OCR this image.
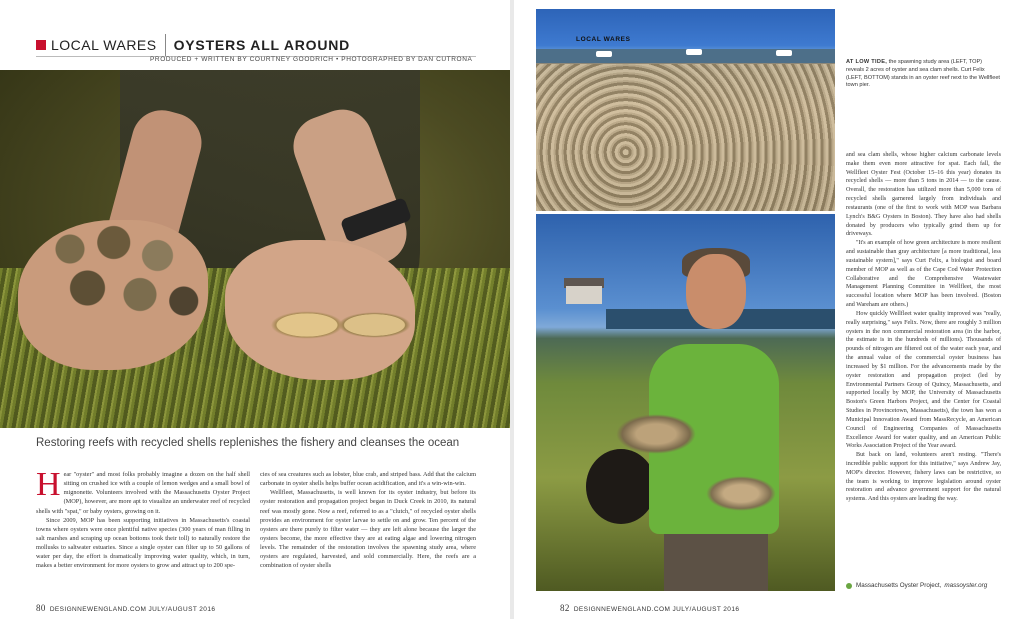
LOCAL WARES OYSTERS ALL AROUND
PRODUCED + WRITTEN BY COURTNEY GOODRICH • PHOTOGRAPHED BY DAN CUTRONA
Restoring reefs with recycled shells replenishes the fishery and cleanses the ocean

Hear "oyster" and most folks probably imagine a dozen on the half shell sitting on crushed ice with a couple of lemon wedges and a small bowl of mignonette. Volunteers involved with the Massachusetts Oyster Project (MOP), however, are more apt to visualize an underwater reef of recycled shells with "spat," or baby oysters, growing on it.

Since 2009, MOP has been supporting initiatives in Massachusetts's coastal towns where oysters were once plentiful native species (300 years of man filling in salt marshes and scraping up ocean bottoms took their toll) to naturally restore the mollusks to saltwater estuaries. Since a single oyster can filter up to 50 gallons of water per day, the effort is dramatically improving water quality, which, in turn, makes a better environment for more oysters to grow and attract up to 200 spe-

cies of sea creatures such as lobster, blue crab, and striped bass. Add that the calcium carbonate in oyster shells helps buffer ocean acidification, and it's a win-win-win.

Wellfleet, Massachusetts, is well known for its oyster industry, but before its oyster restoration and propagation project began in Duck Creek in 2010, its natural reef was mostly gone. Now a reef, referred to as a "clutch," of recycled oyster shells provides an environment for oyster larvae to settle on and grow. Ten percent of the oysters are there purely to filter water — they are left alone because the larger the oysters become, the more effective they are at eating algae and lowering nitrogen levels. The remainder of the restoration involves the spawning study area, where oysters are regulated, harvested, and sold commercially. Here, the reefs are a combination of oyster shells

80 DESIGNNEWENGLAND.COM JULY/AUGUST 2016
LOCAL WARES
AT LOW TIDE, the spawning study area (LEFT, TOP) reveals 2 acres of oyster and sea clam shells. Curt Felix (LEFT, BOTTOM) stands in an oyster reef next to the Wellfleet town pier.

and sea clam shells, whose higher calcium carbonate levels make them even more attractive for spat. Each fall, the Wellfleet Oyster Fest (October 15–16 this year) donates its recycled shells — more than 5 tons in 2014 — to the cause. Overall, the restoration has utilized more than 5,000 tons of recycled shells garnered largely from individuals and restaurants (one of the first to work with MOP was Barbara Lynch's B&G Oysters in Boston). They have also had shells donated by producers who typically grind them up for driveways.

"It's an example of how green architecture is more resilient and sustainable than gray architecture [a more traditional, less sustainable system]," says Curt Felix, a biologist and board member of MOP as well as of the Cape Cod Water Protection Collaborative and the Comprehensive Wastewater Management Planning Committee in Wellfleet, the most successful location where MOP has been involved. (Boston and Wareham are others.)

How quickly Wellfleet water quality improved was "really, really surprising," says Felix. Now, there are roughly 3 million oysters in the non commercial restoration area (in the harbor, the estimate is in the hundreds of millions). Thousands of pounds of nitrogen are filtered out of the water each year, and the annual value of the commercial oyster business has increased by $1 million. For the advancements made by the oyster restoration and propagation project (led by Environmental Partners Group of Quincy, Massachusetts, and supported locally by MOP, the University of Massachusetts Boston's Green Harbors Project, and the Center for Coastal Studies in Provincetown, Massachusetts), the town has won a Municipal Innovation Award from MassRecycle, an American Council of Engineering Companies of Massachusetts Excellence Award for water quality, and an American Public Works Association Project of the Year award.

But back on land, volunteers aren't resting. "There's incredible public support for this initiative," says Andrew Jay, MOP's director. However, fishery laws can be restrictive, so the team is working to improve legislation around oyster restoration and advance government support for the natural systems. And this oysters are leading the way.

Massachusetts Oyster Project, massoyster.org
82 DESIGNNEWENGLAND.COM JULY/AUGUST 2016
